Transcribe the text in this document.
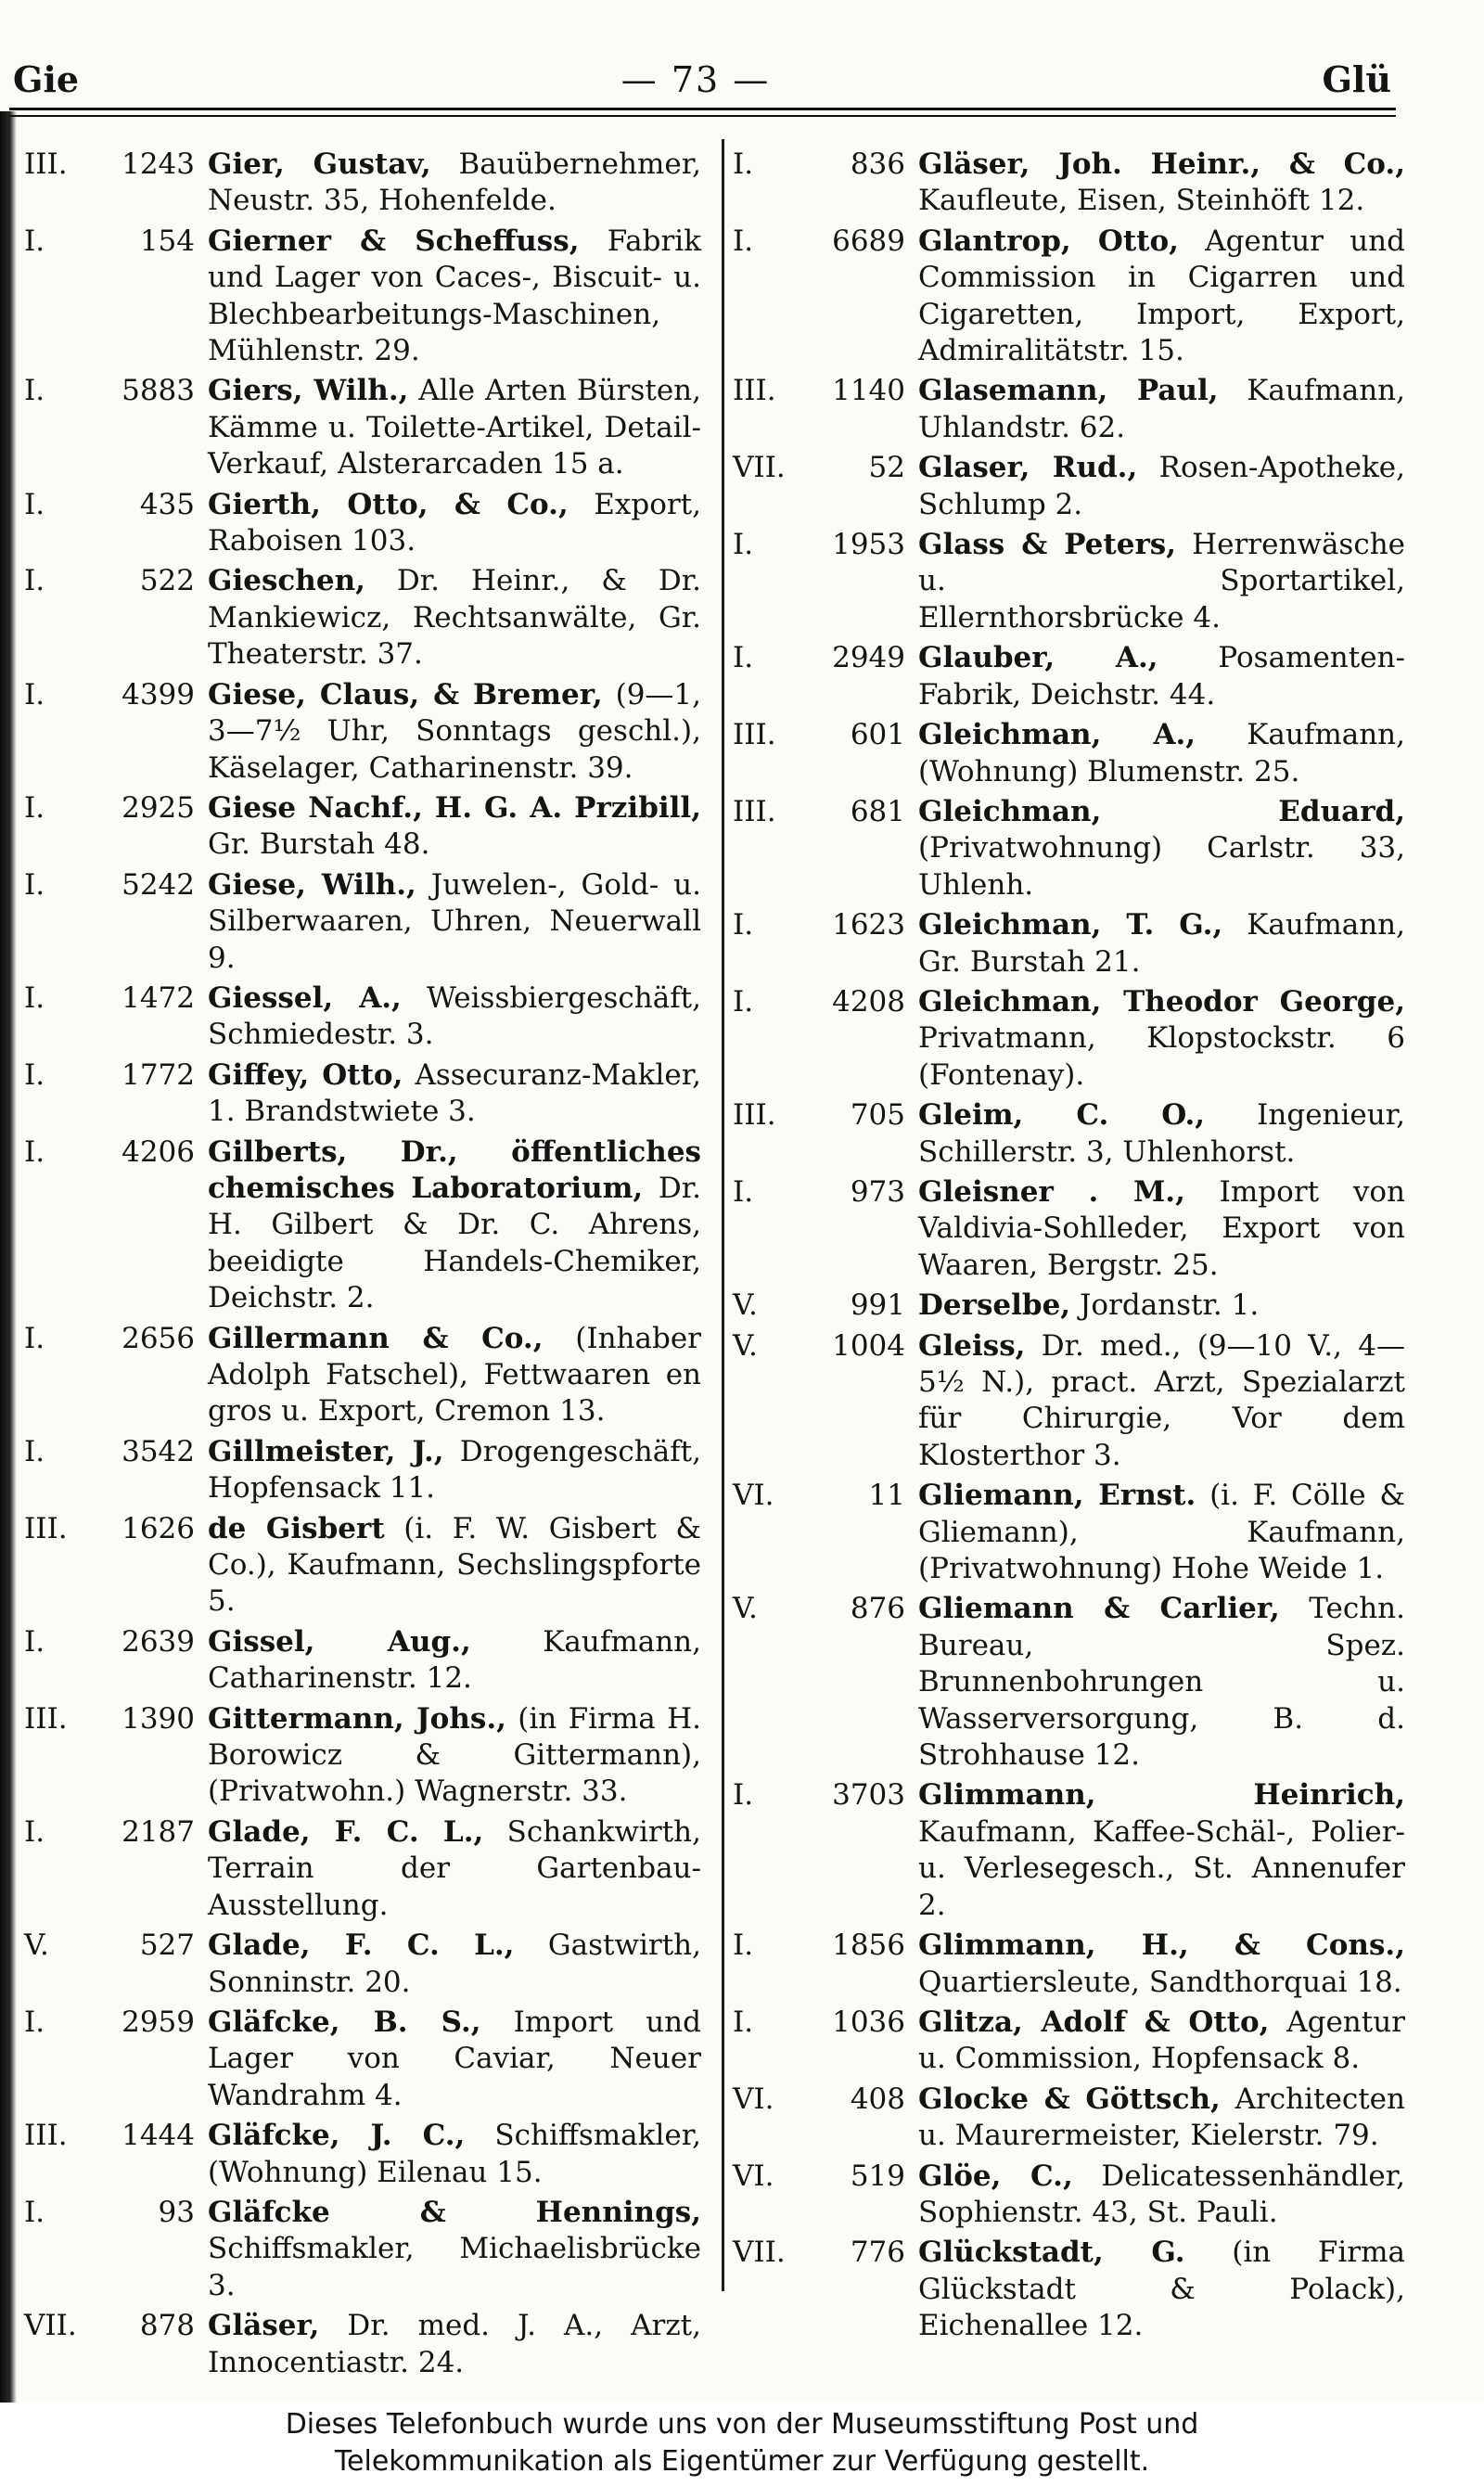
Gie	— 73 —	Glü
III. 1243 Gier, Gustav, Bauübernehmer, Neustr. 35, Hohenfelde.
I.	154 Gierner & Scheffuss, Fabrik und Lager von Caces-, Biscuit- u. Blechbearbeitungs-Maschinen, Mühlenstr. 29.
I.	5883 Giers, Wilh., Alle Arten Bürsten, Kämme u. Toilette-Artikel, Detail-Verkauf, Alsterarcaden 15 a.
I.	435 Gierth, Otto, & Co., Export, Raboisen 103.
I.	522 Gieschen, Dr. Heinr., & Dr. Mankiewicz, Rechtsanwälte, Gr. Theaterstr. 37.
I.	4399 Giese, Claus, & Bremer, (9—1, 3—7½ Uhr, Sonntags geschl.), Käselager, Catharinenstr. 39.
I.	2925 Giese Nachf., H. G. A. Przibill, Gr. Burstah 48.
I.	5242 Giese, Wilh., Juwelen-, Gold- u. Silberwaaren, Uhren, Neuerwall 9.
I.	1472 Giessel, A., Weissbiergeschäft, Schmiedestr. 3.
I.	1772 Giffey, Otto, Assecuranz-Makler, 1. Brandstwiete 3.
I.	4206 Gilberts, Dr., öffentliches chemisches Laboratorium, Dr. H. Gilbert & Dr. C. Ahrens, beeidigte Handels-Chemiker, Deichstr. 2.
I.	2656 Gillermann & Co., (Inhaber Adolph Fatschel), Fettwaaren en gros u. Export, Cremon 13.
I.	3542 Gillmeister, J., Drogengeschäft, Hopfensack 11.
III. 1626 de Gisbert (i. F. W. Gisbert & Co.), Kaufmann, Sechslingspforte 5.
I.	2639 Gissel, Aug., Kaufmann, Catharinenstr. 12.
III. 1390 Gittermann, Johs., (in Firma H. Borowicz & Gittermann), (Privatwohn.) Wagnerstr. 33.
I.	2187 Glade, F. C. L., Schankwirth, Terrain der Gartenbau-Ausstellung.
V.	527 Glade, F. C. L., Gastwirth, Sonninstr. 20.
I.	2959 Gläfcke, B. S., Import und Lager von Caviar, Neuer Wandrahm 4.
III. 1444 Gläfcke, J. C., Schiffsmakler, (Wohnung) Eilenau 15.
I.	93 Gläfcke & Hennings, Schiffsmakler, Michaelisbrücke 3.
VII. 878 Gläser, Dr. med. J. A., Arzt, Innocentiastr. 24.
I.	836 Gläser, Joh. Heinr., & Co., Kaufleute, Eisen, Steinhöft 12.
I.	6689 Glantrop, Otto, Agentur und Commission in Cigarren und Cigaretten, Import, Export, Admiralitätstr. 15.
III. 1140 Glasemann, Paul, Kaufmann, Uhlandstr. 62.
VII.	52 Glaser, Rud., Rosen-Apotheke, Schlump 2.
I.	1953 Glass & Peters, Herrenwäsche u. Sportartikel, Ellernthorsbrücke 4.
I.	2949 Glauber, A., Posamenten-Fabrik, Deichstr. 44.
III.	601 Gleichman, A., Kaufmann, (Wohnung) Blumenstr. 25.
III.	681 Gleichman, Eduard, (Privatwohnung) Carlstr. 33, Uhlenh.
I.	1623 Gleichman, T. G., Kaufmann, Gr. Burstah 21.
I.	4208 Gleichman, Theodor George, Privatmann, Klopstockstr. 6 (Fontenay).
III.	705 Gleim, C. O., Ingenieur, Schillerstr. 3, Uhlenhorst.
I.	973 Gleisner . M., Import von Valdivia-Sohlleder, Export von Waaren, Bergstr. 25.
V.	991 Derselbe, Jordanstr. 1.
V.	1004 Gleiss, Dr. med., (9—10 V., 4—5½ N.), pract. Arzt, Spezialarzt für Chirurgie, Vor dem Klosterthor 3.
VI.	11 Gliemann, Ernst. (i. F. Cölle & Gliemann), Kaufmann, (Privatwohnung) Hohe Weide 1.
V.	876 Gliemann & Carlier, Techn. Bureau, Spez. Brunnenbohrungen u. Wasserversorgung, B. d. Strohhause 12.
I.	3703 Glimmann, Heinrich, Kaufmann, Kaffee-Schäl-, Polier- u. Verlesegesch., St. Annenufer 2.
I.	1856 Glimmann, H., & Cons., Quartiersleute, Sandthorquai 18.
I.	1036 Glitza, Adolf & Otto, Agentur u. Commission, Hopfensack 8.
VI.	408 Glocke & Göttsch, Architecten u. Maurermeister, Kielerstr. 79.
VI.	519 Glöe, C., Delicatessenhändler, Sophienstr. 43, St. Pauli.
VII. 776 Glückstadt, G. (in Firma Glückstadt & Polack), Eichenallee 12.
Dieses Telefonbuch wurde uns von der Museumsstiftung Post und
Telekommunikation als Eigentümer zur Verfügung gestellt.
